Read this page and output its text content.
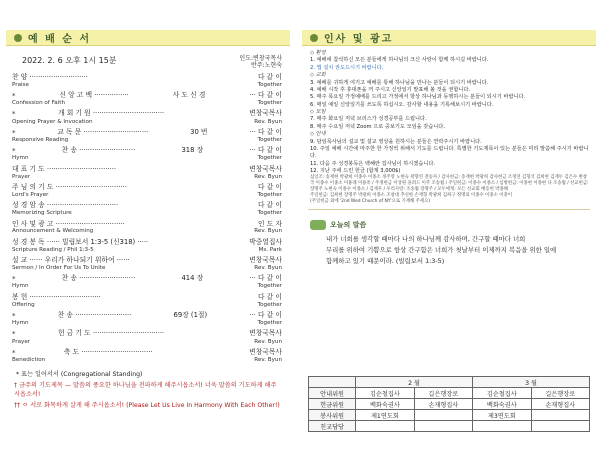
예 배 순 서
2022. 2. 6 오후 1시 15분	인도:변창국목사
반주:노현숙
찬 양 ···························	다 같 이
Praise	Together
*	신 앙 고 백 ················	사 도 신 경	··· 다 같 이
Confession of Faith	Together
*	개 회 기 원 ·································	변창국목사
Opening Prayer & Invocation	Rev. Byun
*	교 독 문 ······························	30 번	··· 다 같 이
Responsive Reading	Together
*	찬 송 ··························	318 장	··· 다 같 이
Hymn	Together
대 표 기 도 ································	변창국목사
Prayer	Rev. Byun
주 님 의 기 도 ·································	다 같 이
Lord's Prayer	Together
성 경 암 송 ·································	다 같 이
Memorizing Scripture	Together
인 사 및 광 고 ································	인 도 자
Announcement & Welcoming	Rev. Byun
성 경 봉 독 ······ 빌립보서 1:3-5 (신318) ·····	박중열집사
Scripture Reading / Phil 1:3-5	Ms. Park
설 교 ······ 우리가 하나되기 위하여 ······	변창국목사
Sermon / In Order For Us To Unite	Rev. Byun
*	찬 송 ··························	414 장	··· 다 같 이
Hymn	Together
봉 헌 ·································	다 같 이
Offering	Together
*	찬 송 ··························	69장 (1절)	··· 다 같 이
Hymn	Together
*	헌 금 기 도 ·································	변창국목사
Prayer	Rev. Byun
*	축 도 ·································	변창국목사
Benediction	Rev. Byun
* 표는 일어서서 (Congregational Standing)
† 금주의 기도제목 — 말씀의 풍요한 하나님을 전파하게 해주시옵소서! 너욱 말씀의 기도하게 해주시옵소서!
†† ㅇ 서로 화목하게 살게 해 주시옵소서! (Please Let Us Live In Harmony With Each Other!)
인사 및 광고
◇ 환영
1. 예배에 참석하신 모든 분들에게 하나님의 크신 사랑이 함께 하시길 바랍니다.
2. 앱 설치 권도드시기 바랍니다.
◇ 교회
3. 예배를 귀하게 여기고 예배를 통해 하나님을 만나는 분들이 되시기 바랍니다.
4. 예배 시작 후 휴대폰을 꺼 주시고 신앙일기 발표해 볼 것을 권합니다.
5. 매주 목요일 가정예배를 드리고 가정에서 항상 하나님과 동행하시는 분들이 되시기 바랍니다.
6. 매일 예일 신앙일기를 쓰도록 하십시오. 감사할 내용을 기록해보시기 바랍니다.
◇ 모임
7. 매주 화요일 저녁 브리스가 성경공부를 드립니다.
8. 매주 수요일 저녁 Zoom 으로 중보기도 모임을 갖습니다.
◇ 안내
9. 담임목사님의 설교 및 설교 영상을 원하시는 분들은 연락주시기 바랍니다.
10. 주일 예배 시간에 마주한 한 가정씩 위해서 기도를 드립니다. 특별한 기도제목이 있는 분들은 미리 말씀해 주시기 바랍니다.
11. 다음 주 성경봉독은 백혜란 집사님이 하시겠습니다.
12. 지난 주에 드린 헌금 (합계 3,000$)
십일조: 송재현 박광희 이종수 이종소 정주영 노현숙 곽향연 전승자 / 감사헌금: 송재현 박광희 감사헌금 조정연 김형석 김희현 김재두 김은수 변창국 이종수 이종소 이용래 이용옥 / 주정헌금 이상원 올려드 이주 조송월 / 주일헌금: 이종수 이종소 / 심방헌금: 이종현 이종현 다 조송월 / 선교헌금: 장명주 노현숙 이종수 이종소 / 김재우 / 우리사랑: 조송월 장명주 / 모두에게: 모든 선교회 배동헌 박종해
주일헌금: 김희현 장명주 박광희 이종소 조창대 추신한 손재형 박광희 김희구 정명의 이종수 이종소 이충이
(주일헌금 외에 '2nd Wed Church of NY'으로 기재해 주세요)
오늘의 말씀
내가 너희를 생각할 때마다 나의 하나님께 감사하며, 간구할 때마다 너희
무리를 위하여 기쁨으로 항상 간구함은 너희가 첫날부터 이제까지 복음을 위한 일에
함께하고 있기 때문이라. (빌립보서 1:3-5)
	2 월		3 월	
안내위원	김순철집사	길은행장로	김순철집사	길은행장로
헌금위원	백화숙권사	손재형집사	백화숙권사	손재형집사
봉사위원	제1연도회		제3연도회	
친교담당				
